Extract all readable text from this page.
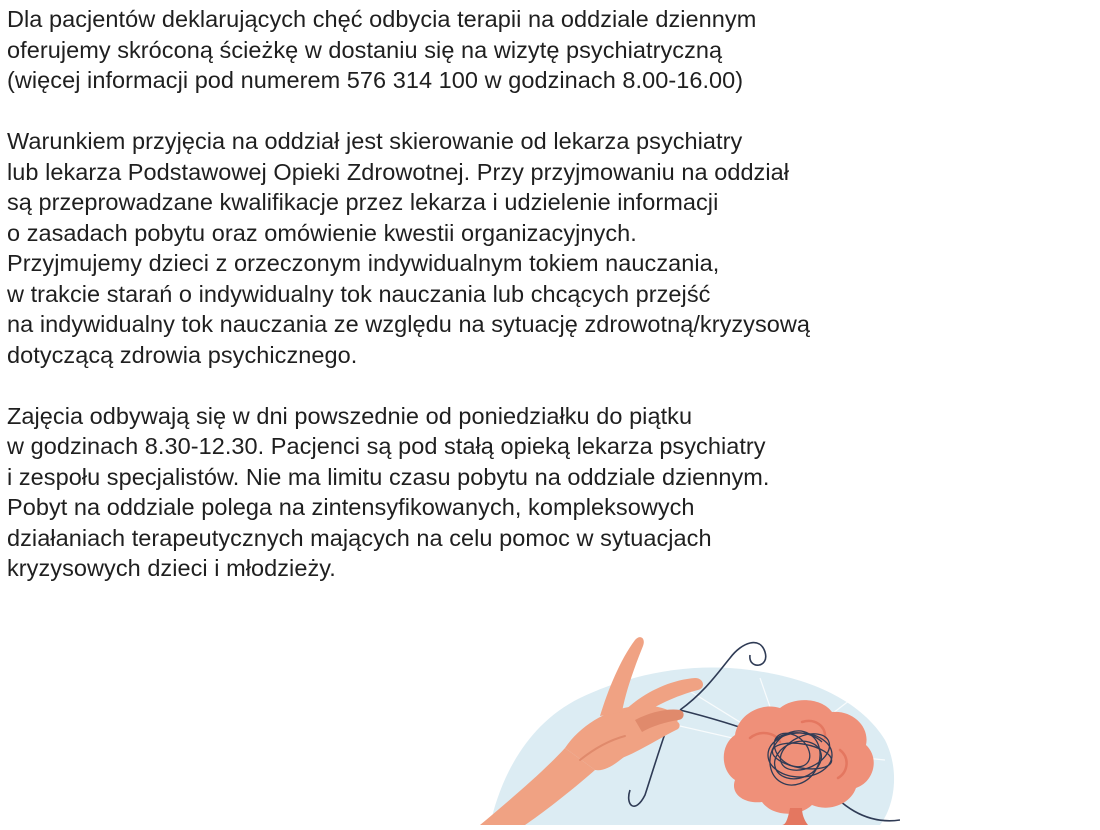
Dla pacjentów deklarujących chęć odbycia terapii na oddziale dziennym
oferujemy skróconą ścieżkę w dostaniu się na wizytę psychiatryczną
(więcej informacji pod numerem 576 314 100 w godzinach 8.00-16.00)

Warunkiem przyjęcia na oddział jest skierowanie od lekarza psychiatry
lub lekarza Podstawowej Opieki Zdrowotnej. Przy przyjmowaniu na oddział
są przeprowadzane kwalifikacje przez lekarza i udzielenie informacji
o zasadach pobytu oraz omówienie kwestii organizacyjnych.
Przyjmujemy dzieci z orzeczonym indywidualnym tokiem nauczania,
w trakcie starań o indywidualny tok nauczania lub chcących przejść
na indywidualny tok nauczania ze względu na sytuację zdrowotną/kryzysową
dotyczącą zdrowia psychicznego.

Zajęcia odbywają się w dni powszednie od poniedziałku do piątku
w godzinach 8.30-12.30. Pacjenci są pod stałą opieką lekarza psychiatry
i zespołu specjalistów. Nie ma limitu czasu pobytu na oddziale dziennym.
Pobyt na oddziale polega na zintensyfikowanych, kompleksowych
działaniach terapeutycznych mających na celu pomoc w sytuacjach
kryzysowych dzieci i młodzieży.
